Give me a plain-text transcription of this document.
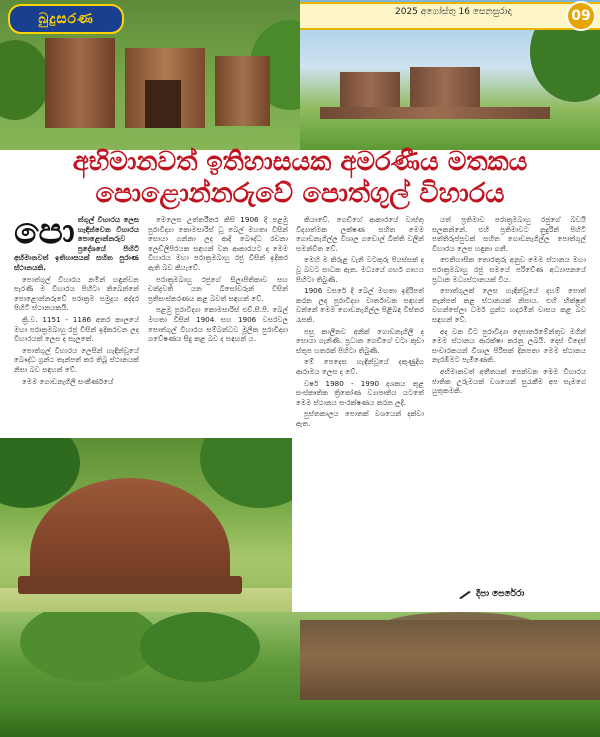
බුදුසරණ	2025 අගෝස්තු 16 සෙනසුරාදා	09
අභිමානවත් ඉතිහාසයක අමරණීය මතකය
පොළොන්නරුවේ පොත්ගුල් විහාරය
පො ත්ගුල් විහාරය ලෙස හැඳින්වෙන විහාරය පොළොන්නරුව ප්‍රදේශයේ පිහිටි අභිමානවත් ඉතිහාසයක් සහිත පුරාණ ස්ථානයකි.

පොත්ගුල් විහාරය නමින් හඳුන්වන පැරණි ම විහාරය පිහිටා තිබෙන්නේ පොළොන්නරුවේ පරාක්‍රම සමුද්‍රය අද්දර පිහිටි ස්ථානයකයි.

ක්‍රි.ව. 1151 - 1186 අතර කාලයේ මහා පරාක්‍රමබාහු රජු විසින් ඉදිකරවන ලද විහාරයක් ලෙස ද සැලකේ.

පොත්ගුල් විහාරය ලෙසින් හැඳින්වූයේ බෞද්ධ ග්‍රන්ථ තැන්පත් කර තිබූ ස්ථානයක් නිසා බව සඳහන් වේ.

මෙම ගොඩනැගිලි සංකීර්ණයේ

මෙලෙස උත්තරීතර කිසි 1906 දී පළමු පුරාවිද්‍යා කොමසාරිස් ධූ බෙල් මහතා විසින් සොයා ගන්නා ලද ආදි බෞද්ධ රචනා ලෙඩ්ලිපිරයක සඳහන් වන ආකාරයට ද මෙම විහාරය මහා පරාක්‍රමබාහු රජු විසින් ඉදිකර ඇති බව කියැවේ.

පරාක්‍රමබාහු රජුගේ සිලාපිතිකාව සහ චන්ද්‍රවති යන බිසෝවරුන් විසින් ප්‍රතිසංස්කරණය කළ බවත් සඳහන් වේ.

පළමු පුරාවිද්‍යා කොමසාරිස් එච්.සී.පී. බෙල් මහතා විසින් 1904 සහ 1906 වසරවල පොත්ගුල් විහාරය සම්බන්ධව මූලික පුරාවිද්‍යා ගවේෂණය සිදු කළ බව ද සඳහන් ය.

කියාවේ. ගෙඩිගේ ආකාරයේ වාස්තු විද්‍යාත්මක ලක්ෂණ සහිත මෙම ගොඩනැගිල්ල විශාල ගඩොල් බිත්ති වලින් සමන්විත වේ.

මෙහි ම කිරුළ වැනි වටකුරු පියස්සක් ද වූ බවට සාධක ඇත. මධ්‍යයේ ගර්භ ගෘහය පිහිටා තිබුණි.

1906 වසරේ දී බෙල් මහතා ඉදිරිපත් කරන ලද පුරාවිද්‍යා වාර්තාවක සඳහන් වන්නේ මෙම ගොඩනැගිල්ල පිළිබඳ විස්තර රැසකි.

පසු කාලීනව අනික් ගොඩනැගිලි ද සොයා ගැනිණි. ප්‍රධාන ගෙඩිගේ වටා කුඩා ස්තූප හතරක් පිහිටා තිබුණි.

මේ පෙදෙස හැඳින්වූයේ දකුණුදිග ආරාමය ලෙස ද වේ.

වර්ෂ 1980 - 1990 දශකය තුළ සංස්කෘතික ත්‍රිකෝණ ව්‍යාපෘතිය යටතේ මෙම ස්ථානය සංරක්ෂණය කරන ලදී.

පුස්තකාලය පොතක් වශයෙන් දක්වා ඇත.

යත් ප්‍රතිමාව පරාක්‍රමබාහු රජුගේ බවයි සලකන්නේ. එහි ප්‍රතිමාවට නුදුරින් පිහිටි පත්තිරුප්පුවක් සහිත ගොඩනැගිල්ල පොත්ගුල් විහාරය ලෙස හඳුනා ගනී.

ඓතිහාසික තොරතුරු අනුව මෙම ස්ථානය මහා පරාක්‍රමබාහු රජු සමයේ පරිවේණ අධ්‍යාපනයේ ප්‍රධාන මධ්‍යස්ථානයක් විය.

පොත්ගුලක් ලෙස හැඳින්වූයේ දහම් පොත් තැන්පත් කළ ස්ථානයක් නිසාය. එහි භික්ෂූන් වහන්සේලා ධර්ම ග්‍රන්ථ හදාරමින් වාසය කළ බව සඳහන් වේ.

අද වන විට පුරාවිද්‍යා දෙපාර්තමේන්තුව මගින් මෙම ස්ථානය ආරක්ෂා කරනු ලබයි. දෙස් විදෙස් සංචාරකයන් විශාල පිරිසක් දිනපතා මෙම ස්ථානය නැරඹීමට පැමිණෙති.

අභිමානවත් අතීතයක් පෙන්වන මෙම විහාරය ජාතික උරුමයක් වශයෙන් සුරැකීම අප සැමගේ යුතුකමකි.

දීපා පෙරේරා
